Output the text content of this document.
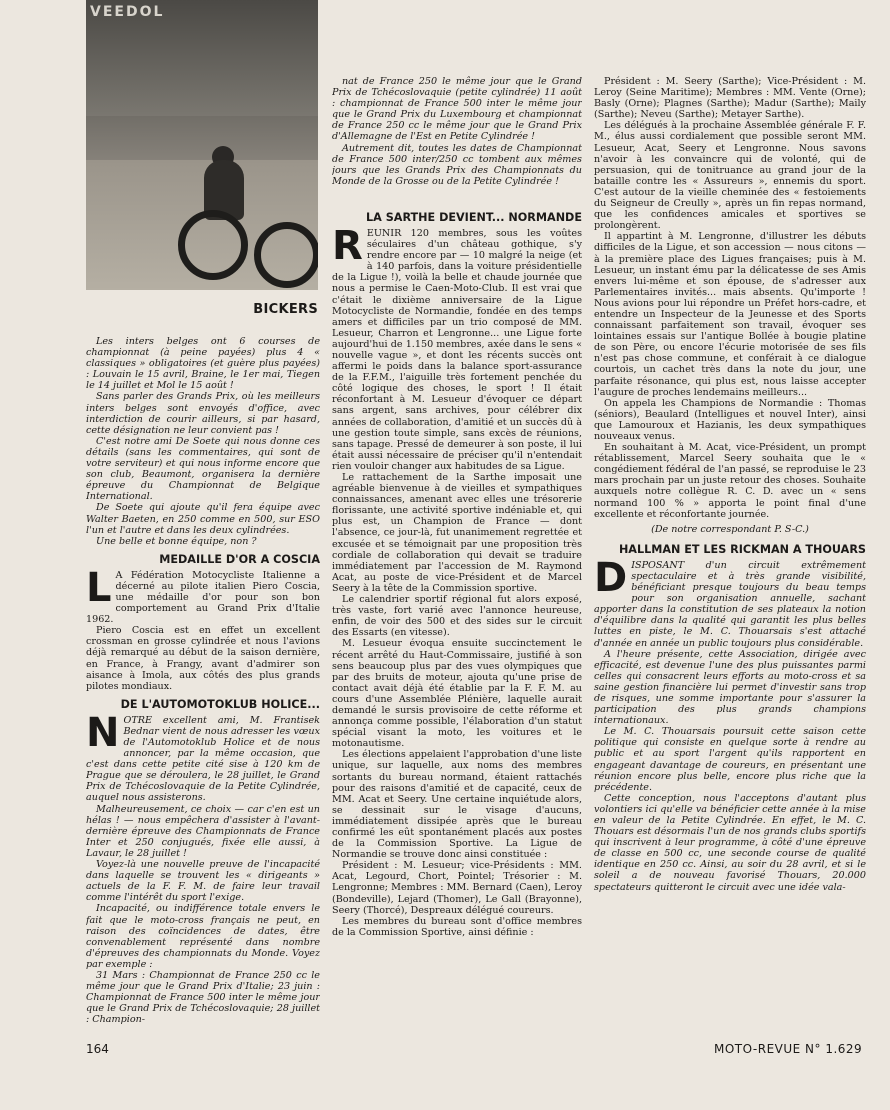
VEEDOL
BICKERS

Les inters belges ont 6 courses de championnat (à peine payées) plus 4 « classiques » obligatoires (et guère plus payées) : Louvain le 15 avril, Braine, le 1er mai, Tiegen le 14 juillet et Mol le 15 août !

Sans parler des Grands Prix, où les meilleurs inters belges sont envoyés d'office, avec interdiction de courir ailleurs, si par hasard, cette désignation ne leur convient pas !

C'est notre ami De Soete qui nous donne ces détails (sans les commentaires, qui sont de votre serviteur) et qui nous informe encore que son club, Beaumont, organisera la dernière épreuve du Championnat de Belgique International.

De Soete qui ajoute qu'il fera équipe avec Walter Baeten, en 250 comme en 500, sur ESO l'un et l'autre et dans les deux cylindrées.

Une belle et bonne équipe, non ?

MEDAILLE D'OR A COSCIA
L A Fédération Motocycliste Italienne a décerné au pilote italien Piero Coscia, une médaille d'or pour son bon comportement au Grand Prix d'Italie 1962.

Piero Coscia est en effet un excellent crossman en grosse cylindrée et nous l'avions déjà remarqué au début de la saison dernière, en France, à Frangy, avant d'admirer son aisance à Imola, aux côtés des plus grands pilotes mondiaux.

DE L'AUTOMOTOKLUB HOLICE...
N OTRE excellent ami, M. Frantisek Bednar vient de nous adresser les vœux de l'Automotoklub Holice et de nous annoncer, par la même occasion, que c'est dans cette petite cité sise à 120 km de Prague que se déroulera, le 28 juillet, le Grand Prix de Tchécoslovaquie de la Petite Cylindrée, auquel nous assisterons.

Malheureusement, ce choix — car c'en est un hélas ! — nous empêchera d'assister à l'avant-dernière épreuve des Championnats de France Inter et 250 conjugués, fixée elle aussi, à Lavaur, le 28 juillet !

Voyez-là une nouvelle preuve de l'incapacité dans laquelle se trouvent les « dirigeants » actuels de la F. F. M. de faire leur travail comme l'intérêt du sport l'exige.

Incapacité, ou indifférence totale envers le fait que le moto-cross français ne peut, en raison des coïncidences de dates, être convenablement représenté dans nombre d'épreuves des championnats du Monde. Voyez par exemple :

31 Mars : Championnat de France 250 cc le même jour que le Grand Prix d'Italie; 23 juin : Championnat de France 500 inter le même jour que le Grand Prix de Tchécoslovaquie; 28 juillet : Champion-

nat de France 250 le même jour que le Grand Prix de Tchécoslovaquie (petite cylindrée) 11 août : championnat de France 500 inter le même jour que le Grand Prix du Luxembourg et championnat de France 250 cc le même jour que le Grand Prix d'Allemagne de l'Est en Petite Cylindrée !

Autrement dit, toutes les dates de Championnat de France 500 inter/250 cc tombent aux mêmes jours que les Grands Prix des Championnats du Monde de la Grosse ou de la Petite Cylindrée !

LA SARTHE DEVIENT... NORMANDE
R EUNIR 120 membres, sous les voûtes séculaires d'un château gothique, s'y rendre encore par — 10 malgré la neige (et à 140 parfois, dans la voiture présidentielle de la Ligue !), voilà la belle et chaude journée que nous a permise le Caen-Moto-Club. Il est vrai que c'était le dixième anniversaire de la Ligue Motocycliste de Normandie, fondée en des temps amers et difficiles par un trio composé de MM. Lesueur, Charron et Lengronne... une Ligue forte aujourd'hui de 1.150 membres, axée dans le sens « nouvelle vague », et dont les récents succès ont affermi le poids dans la balance sport-assurance de la F.F.M., l'aiguille très fortement penchée du côté logique des choses, le sport ! Il était réconfortant à M. Lesueur d'évoquer ce départ sans argent, sans archives, pour célébrer dix années de collaboration, d'amitié et un succès dû à une gestion toute simple, sans excès de réunions, sans tapage. Pressé de demeurer à son poste, il lui était aussi nécessaire de préciser qu'il n'entendait rien vouloir changer aux habitudes de sa Ligue.

Le rattachement de la Sarthe imposait une agréable bienvenue à de vieilles et sympathiques connaissances, amenant avec elles une trésorerie florissante, une activité sportive indéniable et, qui plus est, un Champion de France — dont l'absence, ce jour-là, fut unanimement regrettée et excusée et se témoignait par une proposition très cordiale de collaboration qui devait se traduire immédiatement par l'accession de M. Raymond Acat, au poste de vice-Président et de Marcel Seery à la tête de la Commission sportive.

Le calendrier sportif régional fut alors exposé, très vaste, fort varié avec l'annonce heureuse, enfin, de voir des 500 et des sides sur le circuit des Essarts (en vitesse).

M. Lesueur évoqua ensuite succinctement le récent arrêté du Haut-Commissaire, justifié à son sens beaucoup plus par des vues olympiques que par des bruits de moteur, ajouta qu'une prise de contact avait déjà été établie par la F. F. M. au cours d'une Assemblée Plénière, laquelle aurait demandé le sursis provisoire de cette réforme et annonça comme possible, l'élaboration d'un statut spécial visant la moto, les voitures et le motonautisme.

Les élections appelaient l'approbation d'une liste unique, sur laquelle, aux noms des membres sortants du bureau normand, étaient rattachés pour des raisons d'amitié et de capacité, ceux de MM. Acat et Seery. Une certaine inquiétude alors, se dessinait sur le visage d'aucuns, immédiatement dissipée après que le bureau confirmé les eût spontanément placés aux postes de la Commission Sportive. La Ligue de Normandie se trouve donc ainsi constituée :

Président : M. Lesueur; vice-Présidents : MM. Acat, Legourd, Chort, Pointel; Trésorier : M. Lengronne; Membres : MM. Bernard (Caen), Leroy (Bondeville), Lejard (Thomer), Le Gall (Brayonne), Seery (Thorcé), Despreaux délégué coureurs.

Les membres du bureau sont d'office membres de la Commission Sportive, ainsi définie :

Président : M. Seery (Sarthe); Vice-Président : M. Leroy (Seine Maritime); Membres : MM. Vente (Orne); Basly (Orne); Plagnes (Sarthe); Madur (Sarthe); Maily (Sarthe); Neveu (Sarthe); Metayer Sarthe).

Les délégués à la prochaine Assemblée générale F. F. M., élus aussi cordialement que possible seront MM. Lesueur, Acat, Seery et Lengronne. Nous savons n'avoir à les convaincre qui de volonté, qui de persuasion, qui de tonitruance au grand jour de la bataille contre les « Assureurs », ennemis du sport. C'est autour de la vieille cheminée des « festoiements du Seigneur de Creully », après un fin repas normand, que les confidences amicales et sportives se prolongèrent.

Il appartint à M. Lengronne, d'illustrer les débuts difficiles de la Ligue, et son accession — nous citons — à la première place des Ligues françaises; puis à M. Lesueur, un instant ému par la délicatesse de ses Amis envers lui-même et son épouse, de s'adresser aux Parlementaires invités... mais absents. Qu'importe ! Nous avions pour lui répondre un Préfet hors-cadre, et entendre un Inspecteur de la Jeunesse et des Sports connaissant parfaitement son travail, évoquer ses lointaines essais sur l'antique Bollée à bougie platine de son Père, ou encore l'écurie motorisée de ses fils n'est pas chose commune, et conférait à ce dialogue courtois, un cachet très dans la note du jour, une parfaite résonance, qui plus est, nous laisse accepter l'augure de proches lendemains meilleurs...

On appela les Champions de Normandie : Thomas (séniors), Beaulard (Intelligues et nouvel Inter), ainsi que Lamouroux et Hazianis, les deux sympathiques nouveaux venus.

En souhaitant à M. Acat, vice-Président, un prompt rétablissement, Marcel Seery souhaita que le « congédiement fédéral de l'an passé, se reproduise le 23 mars prochain par un juste retour des choses. Souhaite auxquels notre collègue R. C. D. avec un « sens normand 100 % » apporta le point final d'une excellente et réconfortante journée.

(De notre correspondant P. S-C.)

HALLMAN ET LES RICKMAN A THOUARS
D ISPOSANT d'un circuit extrêmement spectaculaire et à très grande visibilité, bénéficiant presque toujours du beau temps pour son organisation annuelle, sachant apporter dans la constitution de ses plateaux la notion d'équilibre dans la qualité qui garantit les plus belles luttes en piste, le M. C. Thouarsais s'est attaché d'année en année un public toujours plus considérable.

A l'heure présente, cette Association, dirigée avec efficacité, est devenue l'une des plus puissantes parmi celles qui consacrent leurs efforts au moto-cross et sa saine gestion financière lui permet d'investir sans trop de risques, une somme importante pour s'assurer la participation des plus grands champions internationaux.

Le M. C. Thouarsais poursuit cette saison cette politique qui consiste en quelque sorte à rendre au public et au sport l'argent qu'ils rapportent en engageant davantage de coureurs, en présentant une réunion encore plus belle, encore plus riche que la précédente.

Cette conception, nous l'acceptons d'autant plus volontiers ici qu'elle va bénéficier cette année à la mise en valeur de la Petite Cylindrée. En effet, le M. C. Thouars est désormais l'un de nos grands clubs sportifs qui inscrivent à leur programme, à côté d'une épreuve de classe en 500 cc, une seconde course de qualité identique en 250 cc. Ainsi, au soir du 28 avril, et si le soleil a de nouveau favorisé Thouars, 20.000 spectateurs quitteront le circuit avec une idée vala-

164	MOTO-REVUE N° 1.629
